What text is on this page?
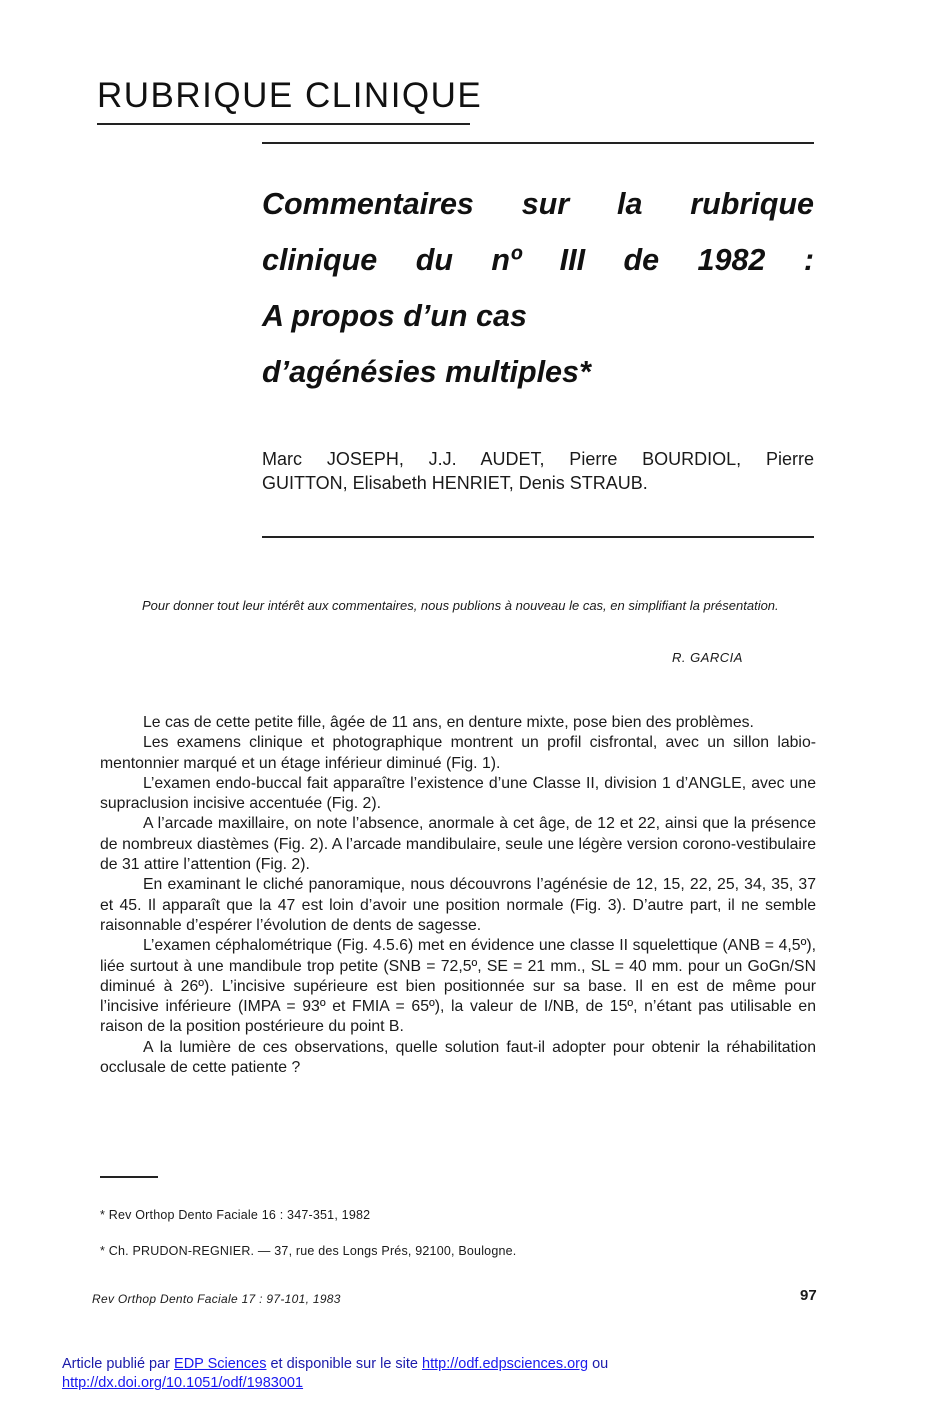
RUBRIQUE CLINIQUE
Commentaires sur la rubrique
clinique du nº III de 1982 :
A propos d’un cas
d’agénésies multiples*
Marc JOSEPH, J.J. AUDET, Pierre BOURDIOL, Pierre
GUITTON, Elisabeth HENRIET, Denis STRAUB.
Pour donner tout leur intérêt aux commentaires, nous publions à nouveau le cas, en simplifiant la présentation.
R. GARCIA

Le cas de cette petite fille, âgée de 11 ans, en denture mixte, pose bien des problèmes.

Les examens clinique et photographique montrent un profil cisfrontal, avec un sillon labio-mentonnier marqué et un étage inférieur diminué (Fig. 1).

L’examen endo-buccal fait apparaître l’existence d’une Classe II, division 1 d’ANGLE, avec une supraclusion incisive accentuée (Fig. 2).

A l’arcade maxillaire, on note l’absence, anormale à cet âge, de 12 et 22, ainsi que la présence de nombreux diastèmes (Fig. 2). A l’arcade mandibulaire, seule une légère version corono-vestibulaire de 31 attire l’attention (Fig. 2).

En examinant le cliché panoramique, nous découvrons l’agénésie de 12, 15, 22, 25, 34, 35, 37 et 45. Il apparaît que la 47 est loin d’avoir une position normale (Fig. 3). D’autre part, il ne semble raisonnable d’espérer l’évolution de dents de sagesse.

L’examen céphalométrique (Fig. 4.5.6) met en évidence une classe II squelettique (ANB = 4,5º), liée surtout à une mandibule trop petite (SNB = 72,5º, SE = 21 mm., SL = 40 mm. pour un GoGn/SN diminué à 26º). L’incisive supérieure est bien positionnée sur sa base. Il en est de même pour l’incisive inférieure (IMPA = 93º et FMIA = 65º), la valeur de I/NB, de 15º, n’étant pas utilisable en raison de la position postérieure du point B.

A la lumière de ces observations, quelle solution faut-il adopter pour obtenir la réhabilitation occlusale de cette patiente ?

* Rev Orthop Dento Faciale 16 : 347-351, 1982
* Ch. PRUDON-REGNIER. — 37, rue des Longs Prés, 92100, Boulogne.
Rev Orthop Dento Faciale 17 : 97-101, 1983	97
Article publié par EDP Sciences et disponible sur le site http://odf.edpsciences.org ou
http://dx.doi.org/10.1051/odf/1983001
